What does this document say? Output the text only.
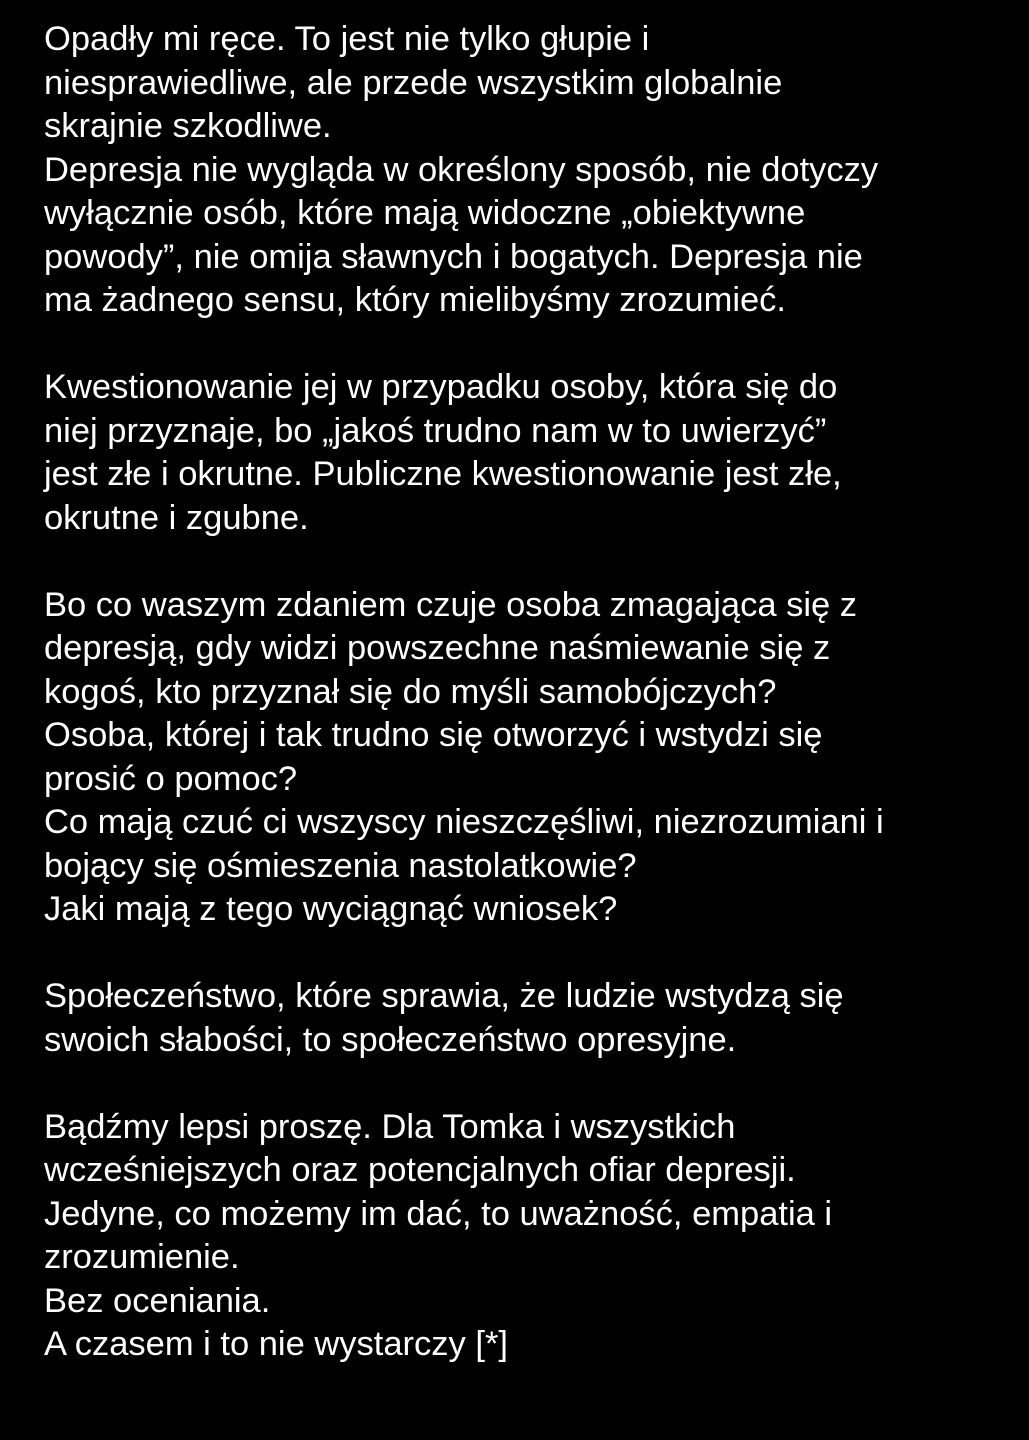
Opadły mi ręce. To jest nie tylko głupie i
niesprawiedliwe, ale przede wszystkim globalnie
skrajnie szkodliwe.
Depresja nie wygląda w określony sposób, nie dotyczy
wyłącznie osób, które mają widoczne „obiektywne
powody”, nie omija sławnych i bogatych. Depresja nie
ma żadnego sensu, który mielibyśmy zrozumieć.
Kwestionowanie jej w przypadku osoby, która się do
niej przyznaje, bo „jakoś trudno nam w to uwierzyć”
jest złe i okrutne. Publiczne kwestionowanie jest złe,
okrutne i zgubne.
Bo co waszym zdaniem czuje osoba zmagająca się z
depresją, gdy widzi powszechne naśmiewanie się z
kogoś, kto przyznał się do myśli samobójczych?
Osoba, której i tak trudno się otworzyć i wstydzi się
prosić o pomoc?
Co mają czuć ci wszyscy nieszczęśliwi, niezrozumiani i
bojący się ośmieszenia nastolatkowie?
Jaki mają z tego wyciągnąć wniosek?
Społeczeństwo, które sprawia, że ludzie wstydzą się
swoich słabości, to społeczeństwo opresyjne.
Bądźmy lepsi proszę. Dla Tomka i wszystkich
wcześniejszych oraz potencjalnych ofiar depresji.
Jedyne, co możemy im dać, to uważność, empatia i
zrozumienie.
Bez oceniania.
A czasem i to nie wystarczy [*]
